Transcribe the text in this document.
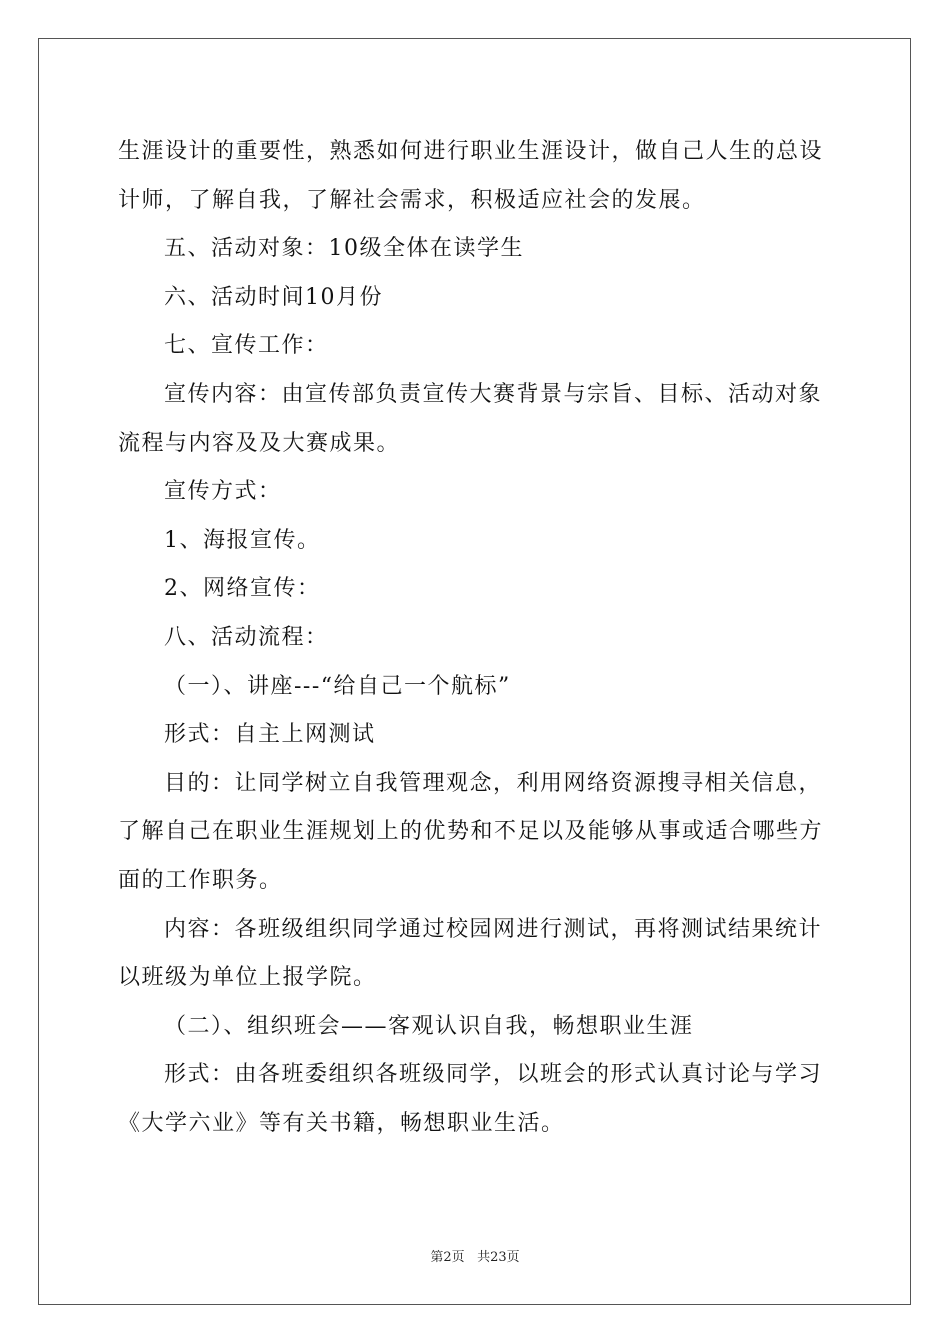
生涯设计的重要性，熟悉如何进行职业生涯设计，做自己人生的总设
计师，了解自我，了解社会需求，积极适应社会的发展。
五、活动对象：10级全体在读学生
六、活动时间10月份
七、宣传工作：
宣传内容：由宣传部负责宣传大赛背景与宗旨、目标、活动对象
流程与内容及及大赛成果。
宣传方式：
1、海报宣传。
2、网络宣传：
八、活动流程：
（一）、讲座---“给自己一个航标”
形式：自主上网测试
目的：让同学树立自我管理观念，利用网络资源搜寻相关信息，
了解自己在职业生涯规划上的优势和不足以及能够从事或适合哪些方
面的工作职务。
内容：各班级组织同学通过校园网进行测试，再将测试结果统计
以班级为单位上报学院。
（二）、组织班会——客观认识自我，畅想职业生涯
形式：由各班委组织各班级同学，以班会的形式认真讨论与学习
《大学六业》等有关书籍，畅想职业生活。
第2页 共23页
